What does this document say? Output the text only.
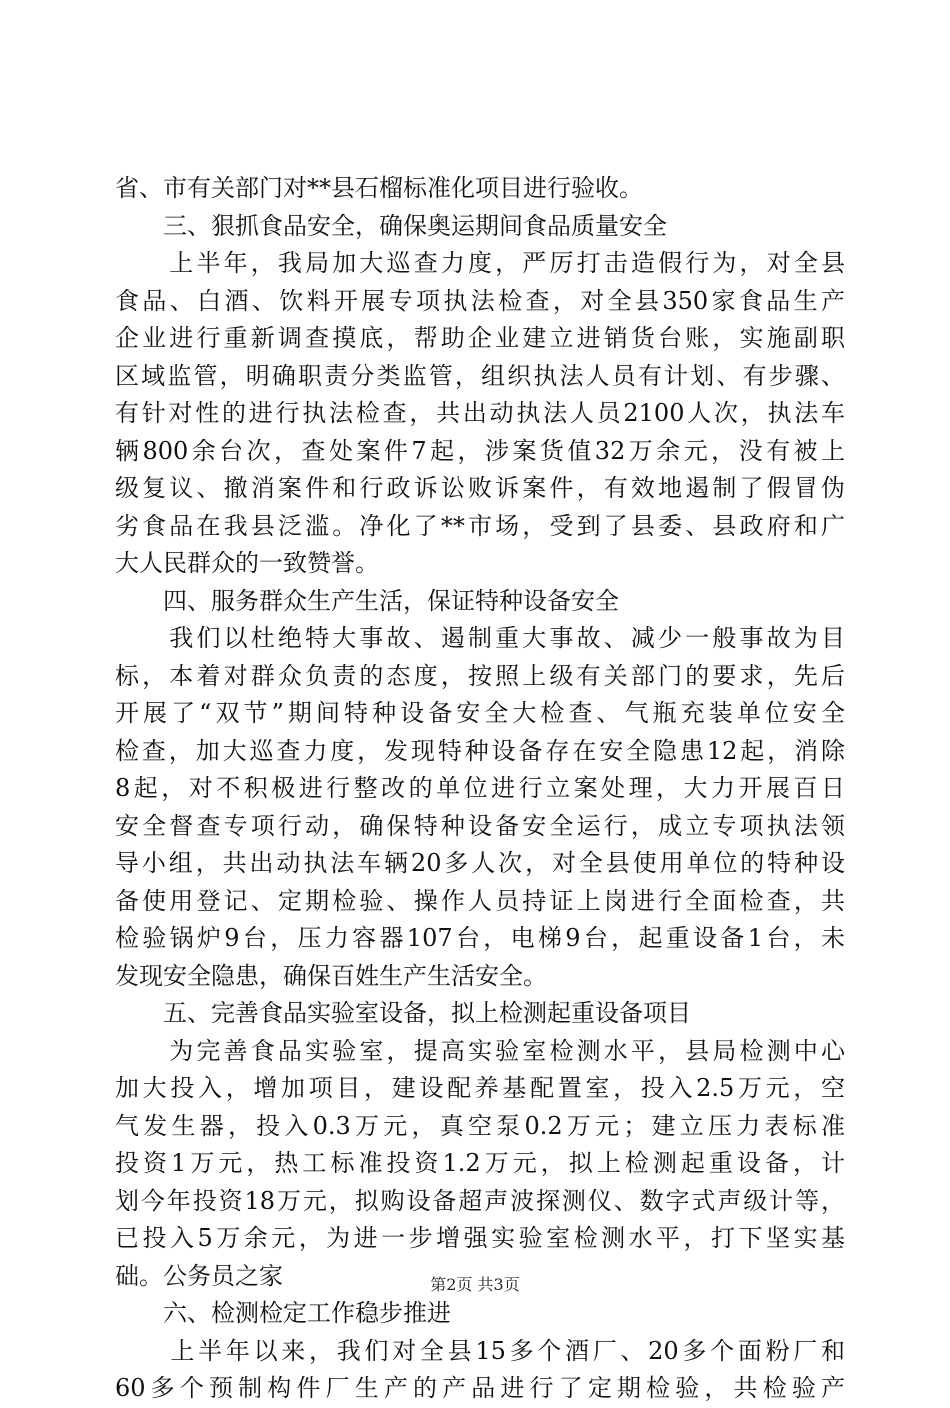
省、市有关部门对**县石榴标准化项目进行验收。
　　三、狠抓食品安全，确保奥运期间食品质量安全
　　上半年，我局加大巡查力度，严厉打击造假行为，对全县
食品、白酒、饮料开展专项执法检查，对全县350家食品生产
企业进行重新调查摸底，帮助企业建立进销货台账，实施副职
区域监管，明确职责分类监管，组织执法人员有计划、有步骤、
有针对性的进行执法检查，共出动执法人员2100人次，执法车
辆800余台次，查处案件7起，涉案货值32万余元，没有被上
级复议、撤消案件和行政诉讼败诉案件，有效地遏制了假冒伪
劣食品在我县泛滥。净化了**市场，受到了县委、县政府和广
大人民群众的一致赞誉。
　　四、服务群众生产生活，保证特种设备安全
　　我们以杜绝特大事故、遏制重大事故、减少一般事故为目
标，本着对群众负责的态度，按照上级有关部门的要求，先后
开展了“双节”期间特种设备安全大检查、气瓶充装单位安全
检查，加大巡查力度，发现特种设备存在安全隐患12起，消除
8起，对不积极进行整改的单位进行立案处理，大力开展百日
安全督查专项行动，确保特种设备安全运行，成立专项执法领
导小组，共出动执法车辆20多人次，对全县使用单位的特种设
备使用登记、定期检验、操作人员持证上岗进行全面检查，共
检验锅炉9台，压力容器107台，电梯9台，起重设备1台，未
发现安全隐患，确保百姓生产生活安全。
　　五、完善食品实验室设备，拟上检测起重设备项目
　　为完善食品实验室，提高实验室检测水平，县局检测中心
加大投入，增加项目，建设配养基配置室，投入2.5万元，空
气发生器，投入0.3万元，真空泵0.2万元；建立压力表标准
投资1万元，热工标准投资1.2万元，拟上检测起重设备，计
划今年投资18万元，拟购设备超声波探测仪、数字式声级计等，
已投入5万余元，为进一步增强实验室检测水平，打下坚实基
础。公务员之家
　　六、检测检定工作稳步推进
　　上半年以来，我们对全县15多个酒厂、20多个面粉厂和
60多个预制构件厂生产的产品进行了定期检验，共检验产
第2页 共3页
